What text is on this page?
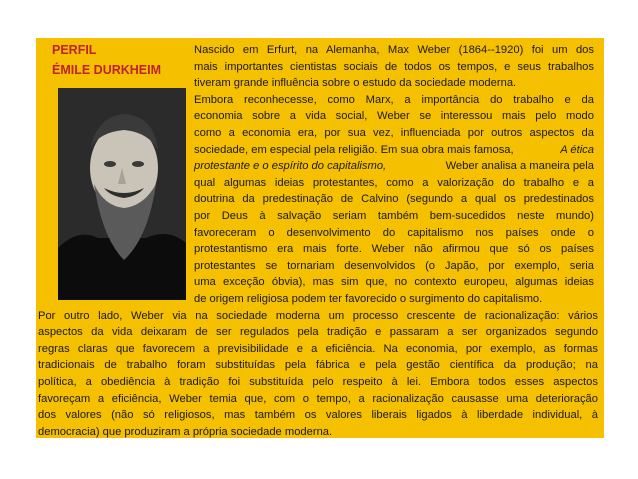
PERFIL
ÉMILE DURKHEIM
Nascido em Erfurt, na Alemanha, Max Weber (1864--1920) foi um dos
mais importantes cientistas sociais de todos os tempos, e seus trabalhos
tiveram grande influência sobre o estudo da sociedade moderna.
Embora reconhecesse, como Marx, a importância do trabalho e da
economia sobre a vida social, Weber se interessou mais pelo modo
como a economia era, por sua vez, influenciada por outros aspectos da
sociedade, em especial pela religião. Em sua obra mais famosa,	A ética
protestante e o espírito do capitalismo,	Weber analisa a maneira pela
qual algumas ideias protestantes, como a valorização do trabalho e a
doutrina da predestinação de Calvino (segundo a qual os predestinados
por Deus à salvação seriam também bem-sucedidos neste mundo)
favoreceram o desenvolvimento do capitalismo nos países onde o
protestantismo era mais forte. Weber não afirmou que só os países
protestantes se tornariam desenvolvidos (o Japão, por exemplo, seria
uma exceção óbvia), mas sim que, no contexto europeu, algumas ideias
de origem religiosa podem ter favorecido o surgimento do capitalismo.
Por outro lado, Weber via na sociedade moderna um processo crescente de racionalização: vários
aspectos da vida deixaram de ser regulados pela tradição e passaram a ser organizados segundo
regras claras que favorecem a previsibilidade e a eficiência. Na economia, por exemplo, as formas
tradicionais de trabalho foram substituídas pela fábrica e pela gestão científica da produção; na
política, a obediência à tradição foi substituída pelo respeito à lei. Embora todos esses aspectos
favoreçam a eficiência, Weber temia que, com o tempo, a racionalização causasse uma deterioração
dos valores (não só religiosos, mas também os valores liberais ligados à liberdade individual, à
democracia) que produziram a própria sociedade moderna.
